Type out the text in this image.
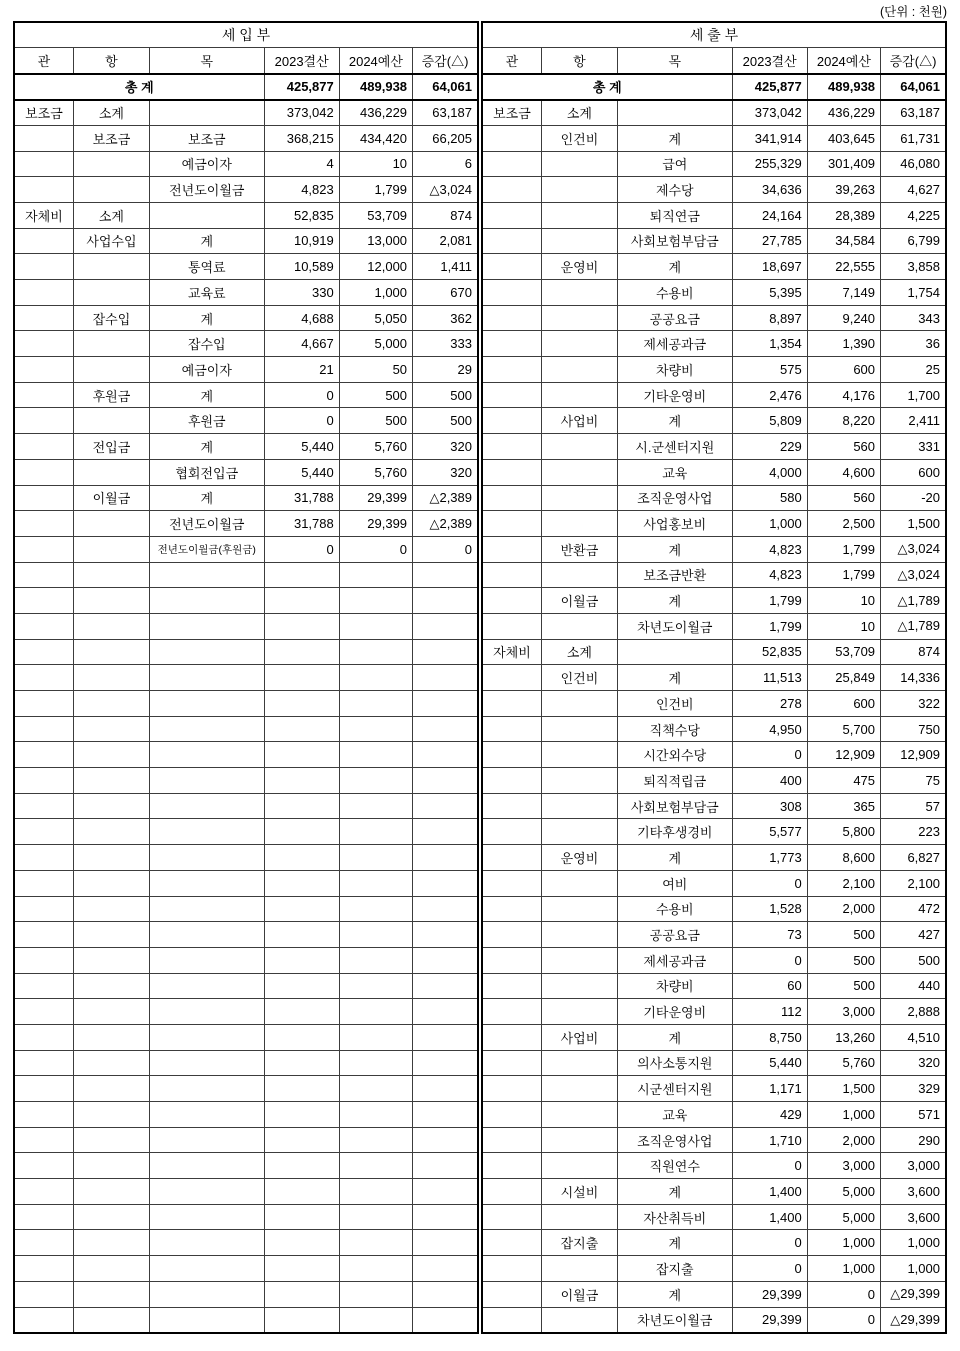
(단위 : 천원)
세 입 부					
관	항	목	2023결산	2024예산	증감(△)
총 계			425,877	489,938	64,061
보조금	소계		373,042	436,229	63,187
	보조금	보조금	368,215	434,420	66,205
		예금이자	4	10	6
		전년도이월금	4,823	1,799	△3,024
자체비	소계		52,835	53,709	874
	사업수입	계	10,919	13,000	2,081
		통역료	10,589	12,000	1,411
		교육료	330	1,000	670
	잡수입	계	4,688	5,050	362
		잡수입	4,667	5,000	333
		예금이자	21	50	29
	후원금	계	0	500	500
		후원금	0	500	500
	전입금	계	5,440	5,760	320
		협회전입금	5,440	5,760	320
	이월금	계	31,788	29,399	△2,389
		전년도이월금	31,788	29,399	△2,389
		전년도이월금(후원금)	0	0	0

세 출 부					
관	항	목	2023결산	2024예산	증감(△)
총 계			425,877	489,938	64,061
보조금	소계		373,042	436,229	63,187
	인건비	계	341,914	403,645	61,731
		급여	255,329	301,409	46,080
		제수당	34,636	39,263	4,627
		퇴직연금	24,164	28,389	4,225
		사회보험부담금	27,785	34,584	6,799
	운영비	계	18,697	22,555	3,858
		수용비	5,395	7,149	1,754
		공공요금	8,897	9,240	343
		제세공과금	1,354	1,390	36
		차량비	575	600	25
		기타운영비	2,476	4,176	1,700
	사업비	계	5,809	8,220	2,411
		시.군센터지원	229	560	331
		교육	4,000	4,600	600
		조직운영사업	580	560	-20
		사업홍보비	1,000	2,500	1,500
	반환금	계	4,823	1,799	△3,024
		보조금반환	4,823	1,799	△3,024
	이월금	계	1,799	10	△1,789
		차년도이월금	1,799	10	△1,789
자체비	소계		52,835	53,709	874
	인건비	계	11,513	25,849	14,336
		인건비	278	600	322
		직책수당	4,950	5,700	750
		시간외수당	0	12,909	12,909
		퇴직적립금	400	475	75
		사회보험부담금	308	365	57
		기타후생경비	5,577	5,800	223
	운영비	계	1,773	8,600	6,827
		여비	0	2,100	2,100
		수용비	1,528	2,000	472
		공공요금	73	500	427
		제세공과금	0	500	500
		차량비	60	500	440
		기타운영비	112	3,000	2,888
	사업비	계	8,750	13,260	4,510
		의사소통지원	5,440	5,760	320
		시군센터지원	1,171	1,500	329
		교육	429	1,000	571
		조직운영사업	1,710	2,000	290
		직원연수	0	3,000	3,000
	시설비	계	1,400	5,000	3,600
		자산취득비	1,400	5,000	3,600
	잡지출	계	0	1,000	1,000
		잡지출	0	1,000	1,000
	이월금	계	29,399	0	△29,399
		차년도이월금	29,399	0	△29,399
